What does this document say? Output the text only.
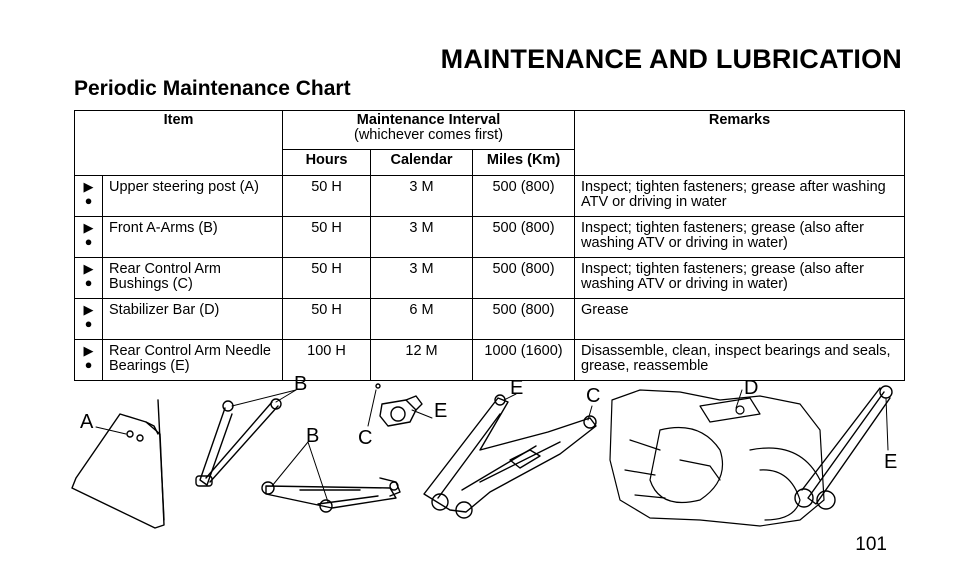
MAINTENANCE AND LUBRICATION
Periodic Maintenance Chart
Item		Maintenance Interval
(whichever comes first)			Remarks
		Hours	Calendar	Miles (Km)	

▶
●	Upper steering post (A)	50 H	3 M	500 (800)	Inspect; tighten fasteners; grease after washing ATV or driving in water

▶
●	Front A-Arms (B)	50 H	3 M	500 (800)	Inspect; tighten fasteners; grease (also after washing ATV or driving in water)

▶
●	Rear Control Arm Bushings (C)	50 H	3 M	500 (800)	Inspect; tighten fasteners; grease (also after washing ATV or driving in water)

▶
●	Stabilizer Bar (D)	50 H	6 M	500 (800)	Grease

▶
●	Rear Control Arm Needle Bearings (E)	100 H	12 M	1000 (1600)	Disassemble, clean, inspect bearings and seals, grease, reassemble
A
B
B C
E
E	C	D
E
101
